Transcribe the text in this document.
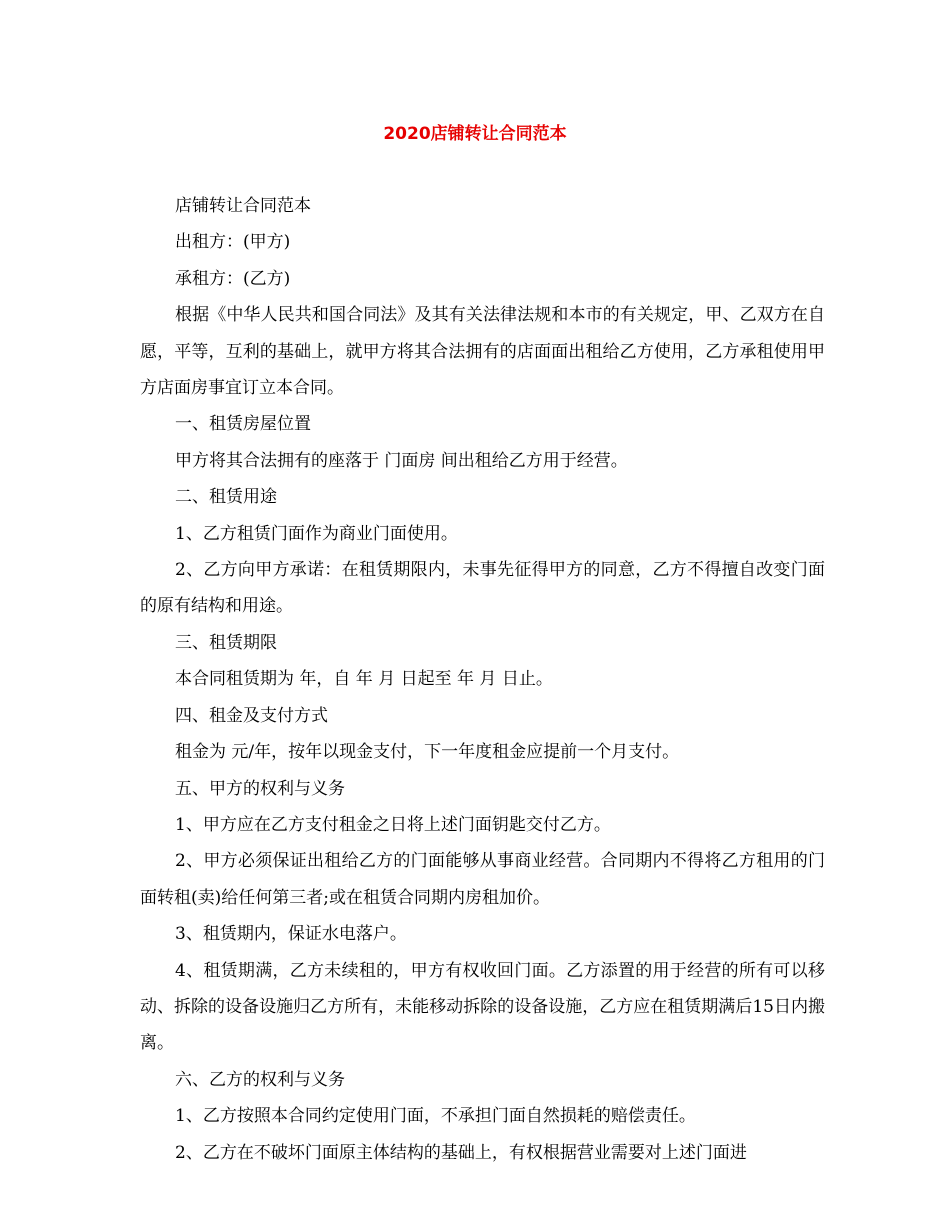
2020店铺转让合同范本

店铺转让合同范本

出租方：(甲方)

承租方：(乙方)

根据《中华人民共和国合同法》及其有关法律法规和本市的有关规定，甲、乙双方在自愿，平等，互利的基础上，就甲方将其合法拥有的店面面出租给乙方使用，乙方承租使用甲方店面房事宜订立本合同。

一、租赁房屋位置

甲方将其合法拥有的座落于 门面房 间出租给乙方用于经营。

二、租赁用途

1、乙方租赁门面作为商业门面使用。

2、乙方向甲方承诺：在租赁期限内，未事先征得甲方的同意，乙方不得擅自改变门面的原有结构和用途。

三、租赁期限

本合同租赁期为 年，自 年 月 日起至 年 月 日止。

四、租金及支付方式

租金为 元/年，按年以现金支付，下一年度租金应提前一个月支付。

五、甲方的权利与义务

1、甲方应在乙方支付租金之日将上述门面钥匙交付乙方。

2、甲方必须保证出租给乙方的门面能够从事商业经营。合同期内不得将乙方租用的门面转租(卖)给任何第三者;或在租赁合同期内房租加价。

3、租赁期内，保证水电落户。

4、租赁期满，乙方未续租的，甲方有权收回门面。乙方添置的用于经营的所有可以移动、拆除的设备设施归乙方所有，未能移动拆除的设备设施，乙方应在租赁期满后15日内搬离。

六、乙方的权利与义务

1、乙方按照本合同约定使用门面，不承担门面自然损耗的赔偿责任。

2、乙方在不破坏门面原主体结构的基础上，有权根据营业需要对上述门面进
